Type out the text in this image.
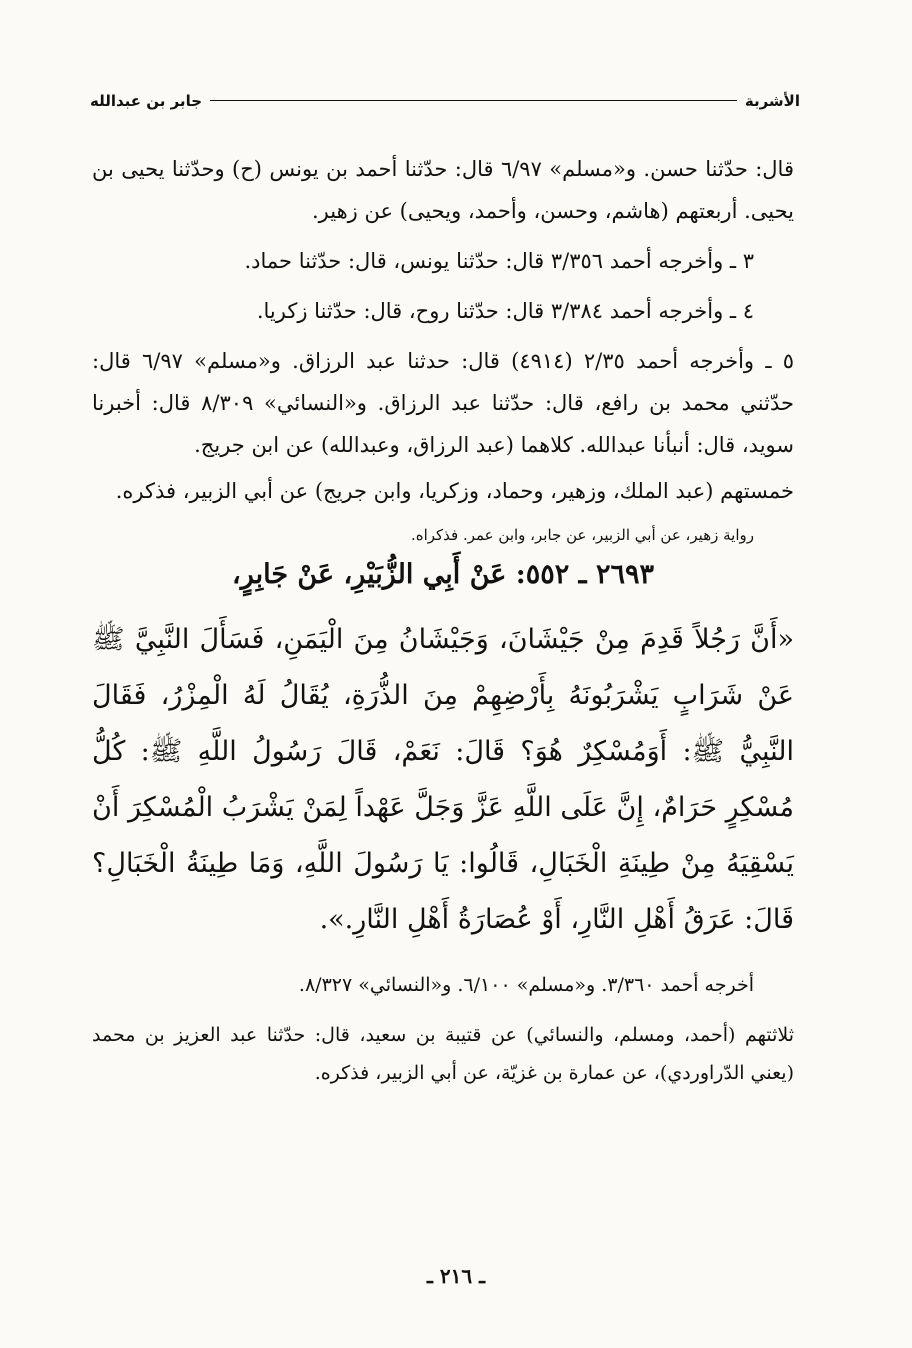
الأشربة
جابر بن عبدالله

قال: حدّثنا حسن. و«مسلم» ٦/٩٧ قال: حدّثنا أحمد بن يونس (ح) وحدّثنا يحيى بن يحيى. أربعتهم (هاشم، وحسن، وأحمد، ويحيى) عن زهير.

٣ ـ وأخرجه أحمد ٣/٣٥٦ قال: حدّثنا يونس، قال: حدّثنا حماد.

٤ ـ وأخرجه أحمد ٣/٣٨٤ قال: حدّثنا روح، قال: حدّثنا زكريا.

٥ ـ وأخرجه أحمد ٢/٣٥ (٤٩١٤) قال: حدثنا عبد الرزاق. و«مسلم» ٦/٩٧ قال: حدّثني محمد بن رافع، قال: حدّثنا عبد الرزاق. و«النسائي» ٨/٣٠٩ قال: أخبرنا سويد، قال: أنبأنا عبدالله. كلاهما (عبد الرزاق، وعبدالله) عن ابن جريج.

خمستهم (عبد الملك، وزهير، وحماد، وزكريا، وابن جريج) عن أبي الزبير، فذكره.

رواية زهير، عن أبي الزبير، عن جابر، وابن عمر. فذكراه.

٢٦٩٣ ـ ٥٥٢: عَنْ أَبِي الزُّبَيْرِ، عَنْ جَابِرٍ،

«أَنَّ رَجُلاً قَدِمَ مِنْ جَيْشَانَ، وَجَيْشَانُ مِنَ الْيَمَنِ، فَسَأَلَ النَّبِيَّ ﷺ عَنْ شَرَابٍ يَشْرَبُونَهُ بِأَرْضِهِمْ مِنَ الذُّرَةِ، يُقَالُ لَهُ الْمِزْرُ، فَقَالَ النَّبِيُّ ﷺ: أَوَمُسْكِرٌ هُوَ؟ قَالَ: نَعَمْ، قَالَ رَسُولُ اللَّهِ ﷺ: كُلُّ مُسْكِرٍ حَرَامٌ، إِنَّ عَلَى اللَّهِ عَزَّ وَجَلَّ عَهْداً لِمَنْ يَشْرَبُ الْمُسْكِرَ أَنْ يَسْقِيَهُ مِنْ طِينَةِ الْخَبَالِ، قَالُوا: يَا رَسُولَ اللَّهِ، وَمَا طِينَةُ الْخَبَالِ؟ قَالَ: عَرَقُ أَهْلِ النَّارِ، أَوْ عُصَارَةُ أَهْلِ النَّارِ.».

أخرجه أحمد ٣/٣٦٠. و«مسلم» ٦/١٠٠. و«النسائي» ٨/٣٢٧.

ثلاثتهم (أحمد، ومسلم، والنسائي) عن قتيبة بن سعيد، قال: حدّثنا عبد العزيز بن محمد (يعني الدّراوردي)، عن عمارة بن غزيّة، عن أبي الزبير، فذكره.

ـ ٢١٦ ـ
